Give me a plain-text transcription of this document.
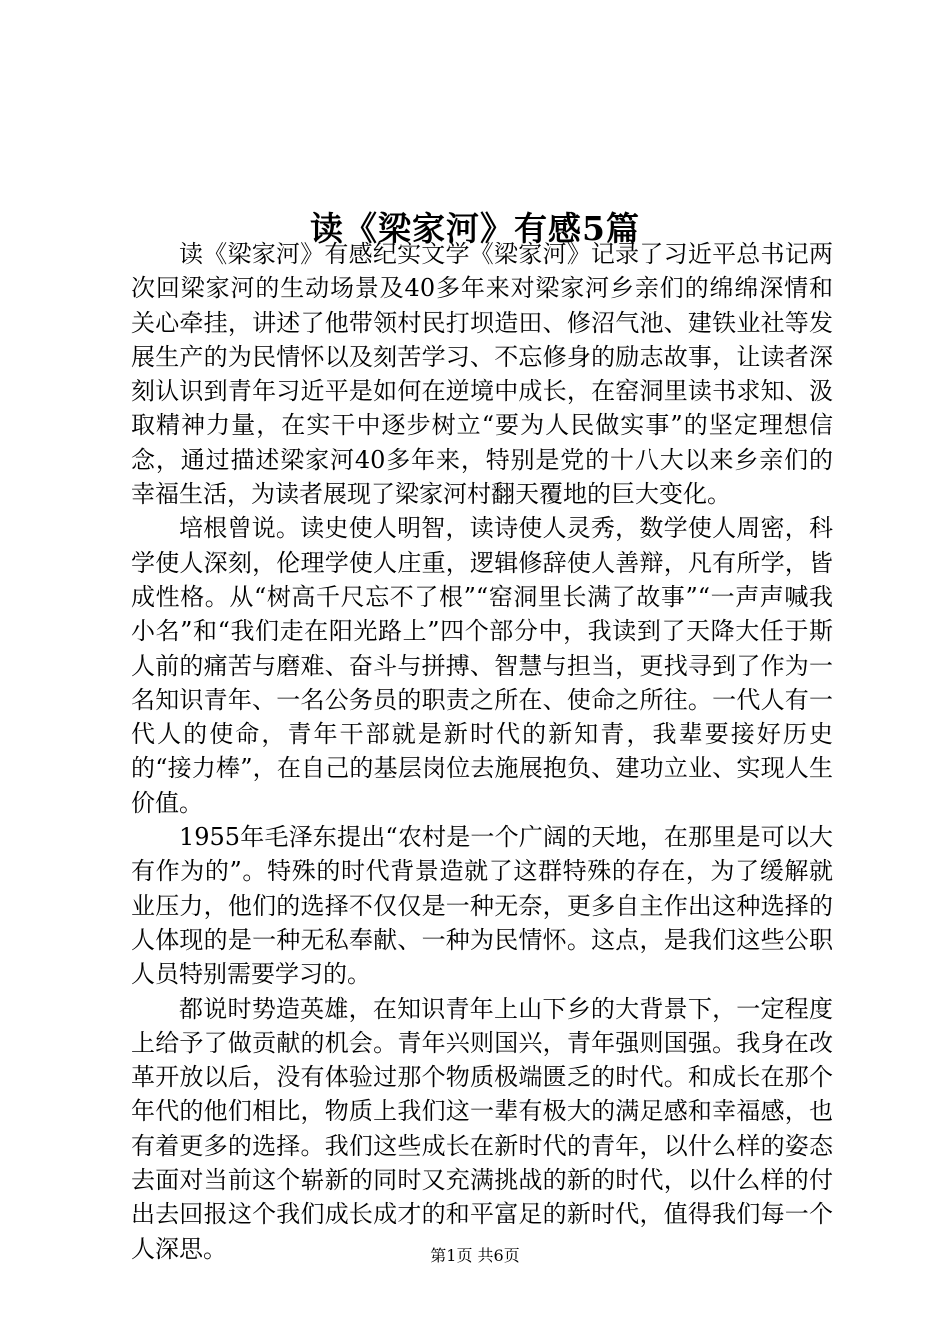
读《梁家河》有感5篇

读《梁家河》有感纪实文学《梁家河》记录了习近平总书记两次回梁家河的生动场景及40多年来对梁家河乡亲们的绵绵深情和关心牵挂，讲述了他带领村民打坝造田、修沼气池、建铁业社等发展生产的为民情怀以及刻苦学习、不忘修身的励志故事，让读者深刻认识到青年习近平是如何在逆境中成长，在窑洞里读书求知、汲取精神力量，在实干中逐步树立“要为人民做实事”的坚定理想信念，通过描述梁家河40多年来，特别是党的十八大以来乡亲们的幸福生活，为读者展现了梁家河村翻天覆地的巨大变化。

培根曾说。读史使人明智，读诗使人灵秀，数学使人周密，科学使人深刻，伦理学使人庄重，逻辑修辞使人善辩，凡有所学，皆成性格。从“树高千尺忘不了根”“窑洞里长满了故事”“一声声喊我小名”和“我们走在阳光路上”四个部分中，我读到了天降大任于斯人前的痛苦与磨难、奋斗与拼搏、智慧与担当，更找寻到了作为一名知识青年、一名公务员的职责之所在、使命之所往。一代人有一代人的使命，青年干部就是新时代的新知青，我辈要接好历史的“接力棒”，在自己的基层岗位去施展抱负、建功立业、实现人生价值。

1955年毛泽东提出“农村是一个广阔的天地，在那里是可以大有作为的”。特殊的时代背景造就了这群特殊的存在，为了缓解就业压力，他们的选择不仅仅是一种无奈，更多自主作出这种选择的人体现的是一种无私奉献、一种为民情怀。这点，是我们这些公职人员特别需要学习的。

都说时势造英雄，在知识青年上山下乡的大背景下，一定程度上给予了做贡献的机会。青年兴则国兴，青年强则国强。我身在改革开放以后，没有体验过那个物质极端匮乏的时代。和成长在那个年代的他们相比，物质上我们这一辈有极大的满足感和幸福感，也有着更多的选择。我们这些成长在新时代的青年，以什么样的姿态去面对当前这个崭新的同时又充满挑战的新的时代，以什么样的付出去回报这个我们成长成才的和平富足的新时代，值得我们每一个人深思。	第1页 共6页
